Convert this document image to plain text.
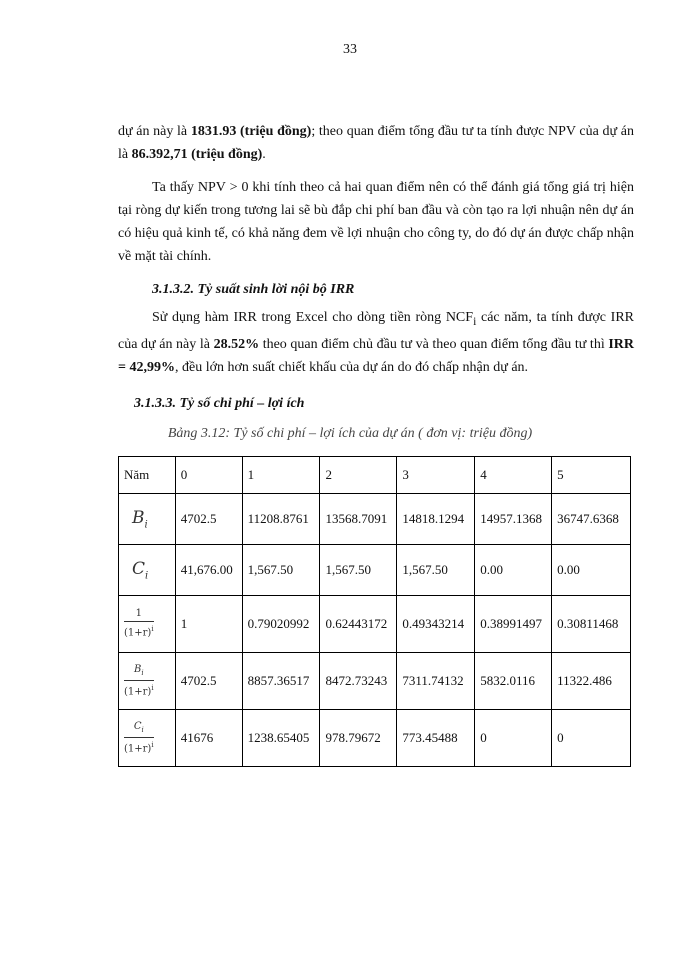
33

dự án này là 1831.93 (triệu đồng); theo quan điểm tổng đầu tư ta tính được NPV của dự án là 86.392,71 (triệu đồng).

Ta thấy NPV > 0 khi tính theo cả hai quan điểm nên có thể đánh giá tổng giá trị hiện tại ròng dự kiến trong tương lai sẽ bù đắp chi phí ban đầu và còn tạo ra lợi nhuận nên dự án có hiệu quả kinh tế, có khả năng đem về lợi nhuận cho công ty, do đó dự án được chấp nhận về mặt tài chính.

3.1.3.2. Tỷ suất sinh lời nội bộ IRR

Sử dụng hàm IRR trong Excel cho dòng tiền ròng $NCF_i$ các năm, ta tính được IRR của dự án này là 28.52% theo quan điểm chủ đầu tư và theo quan điểm tổng đầu tư thì IRR = 42,99%, đều lớn hơn suất chiết khấu của dự án do đó chấp nhận dự án.

3.1.3.3. Tỷ số chi phí – lợi ích

Bảng 3.12: Tỷ số chi phí – lợi ích của dự án ( đơn vị: triệu đồng)
Năm	0	1	2	3	4	5
$B_i$	4702.5	11208.8761	13568.7091	14818.1294	14957.1368	36747.6368
$C_i$	41,676.00	1,567.50	1,567.50	1,567.50	0.00	0.00

$\frac{1}{(1+r)^i}$	1	0.79020992	0.62443172	0.49343214	0.38991497	0.30811468

$\frac{B_i}{(1+r)^i}$	4702.5	8857.36517	8472.73243	7311.74132	5832.0116	11322.486

$\frac{C_i}{(1+r)^i}$	41676	1238.65405	978.79672	773.45488	0	0
